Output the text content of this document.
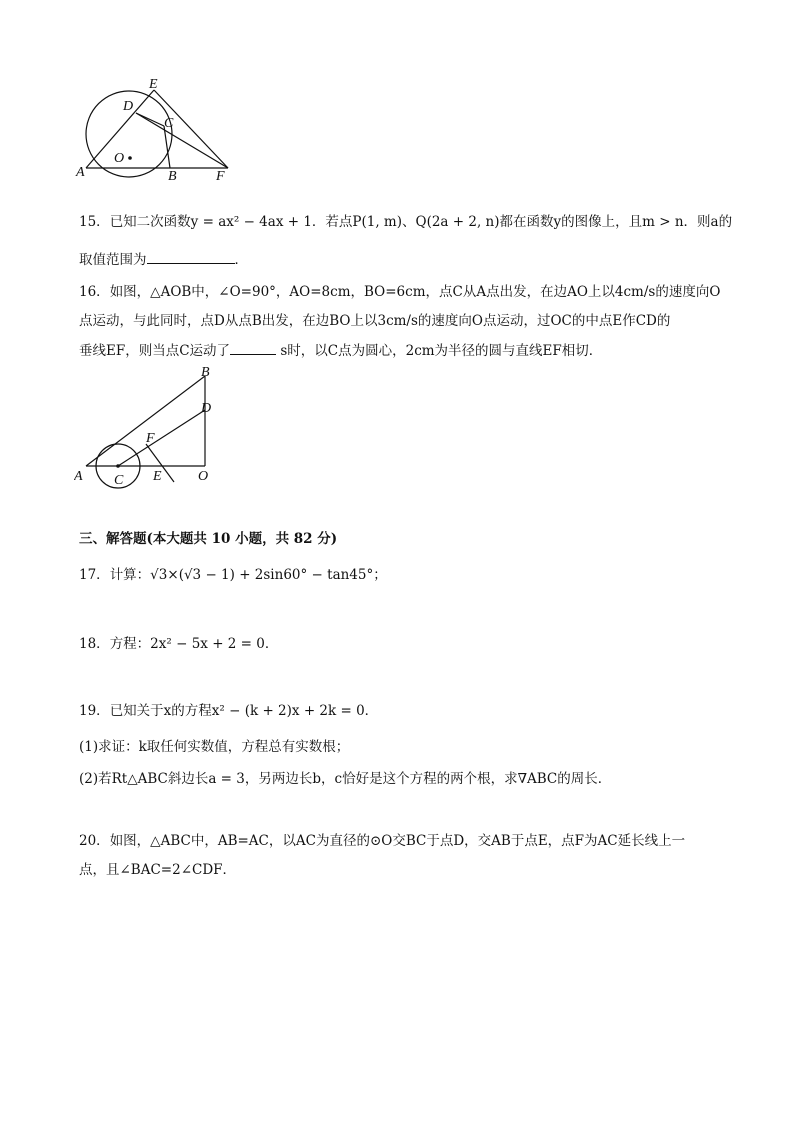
E
D
C
O
A	B	F
15．已知二次函数y = ax² − 4ax + 1．若点P(1, m)、Q(2a + 2, n)都在函数y的图像上，且m > n．则a的
取值范围为	．
16．如图，△AOB中，∠O=90°，AO=8cm，BO=6cm，点C从A点出发，在边AO上以4cm/s的速度向O
点运动，与此同时，点D从点B出发，在边BO上以3cm/s的速度向O点运动，过OC的中点E作CD的
垂线EF，则当点C运动了	s时，以C点为圆心，2cm为半径的圆与直线EF相切．
B
D
F
A C E	O
三、解答题(本大题共 10 小题，共 82 分)
17．计算：√3×(√3 − 1) + 2sin60° − tan45°；
18．方程：2x² − 5x + 2 = 0．
19．已知关于x的方程x² − (k + 2)x + 2k = 0．
(1)求证：k取任何实数值，方程总有实数根；
(2)若Rt△ABC斜边长a = 3，另两边长b，c恰好是这个方程的两个根，求∇ABC的周长．
20．如图，△ABC中，AB=AC，以AC为直径的⊙O交BC于点D，交AB于点E，点F为AC延长线上一
点，且∠BAC=2∠CDF．
